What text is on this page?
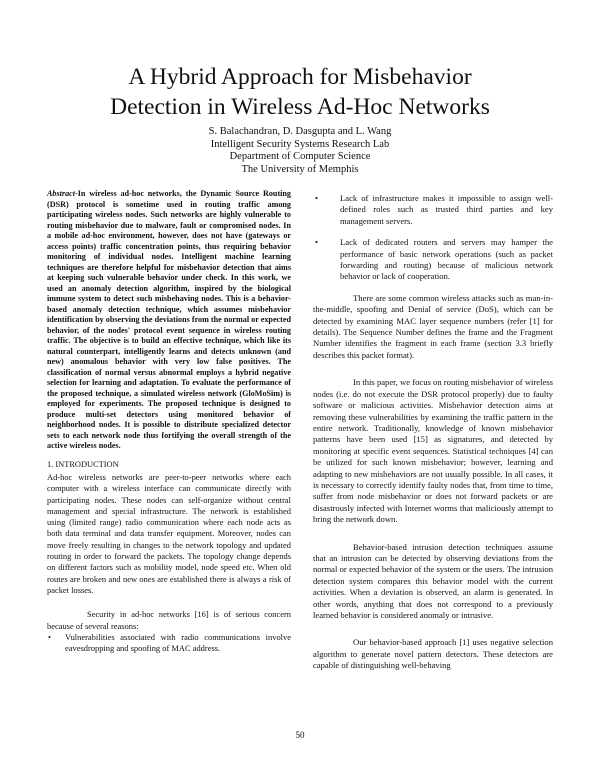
A Hybrid Approach for Misbehavior
Detection in Wireless Ad-Hoc Networks
S. Balachandran, D. Dasgupta and L. Wang
Intelligent Security Systems Research Lab
Department of Computer Science
The University of Memphis

Abstract-In wireless ad-hoc networks, the Dynamic Source Routing (DSR) protocol is sometime used in routing traffic among participating wireless nodes. Such networks are highly vulnerable to routing misbehavior due to malware, fault or compromised nodes. In a mobile ad-hoc environment, however, does not have (gateways or access points) traffic concentration points, thus requiring behavior monitoring of individual nodes. Intelligent machine learning techniques are therefore helpful for misbehavior detection that aims at keeping such vulnerable behavior under check. In this work, we used an anomaly detection algorithm, inspired by the biological immune system to detect such misbehaving nodes. This is a behavior-based anomaly detection technique, which assumes misbehavior identification by observing the deviations from the normal or expected behavior, of the nodes' protocol event sequence in wireless routing traffic. The objective is to build an effective technique, which like its natural counterpart, intelligently learns and detects unknown (and new) anomalous behavior with very low false positives. The classification of normal versus abnormal employs a hybrid negative selection for learning and adaptation. To evaluate the performance of the proposed technique, a simulated wireless network (GloMoSim) is employed for experiments. The proposed technique is designed to produce multi-set detectors using monitored behavior of neighborhood nodes. It is possible to distribute specialized detector sets to each network node thus fortifying the overall strength of the active wireless nodes.

1. INTRODUCTION

Ad-hoc wireless networks are peer-to-peer networks where each computer with a wireless interface can communicate directly with participating nodes. These nodes can self-organize without central management and special infrastructure. The network is established using (limited range) radio communication where each node acts as both data terminal and data transfer equipment. Moreover, nodes can move freely resulting in changes to the network topology and updated routing in order to forward the packets. The topology change depends on different factors such as mobility model, node speed etc. When old routes are broken and new ones are established there is always a risk of packet losses.

Security in ad-hoc networks [16] is of serious concern because of several reasons:

• Vulnerabilities associated with radio communications involve eavesdropping and spoofing of MAC address.
•	Lack of infrastructure makes it impossible to assign well-defined roles such as trusted third parties and key management servers.
•	Lack of dedicated routers and servers may hamper the performance of basic network operations (such as packet forwarding and routing) because of malicious network behavior or lack of cooperation.

There are some common wireless attacks such as man-in-the-middle, spoofing and Denial of service (DoS), which can be detected by examining MAC layer sequence numbers (refer [1] for details). The Sequence Number defines the frame and the Fragment Number identifies the fragment in each frame (section 3.3 briefly describes this packet format).

In this paper, we focus on routing misbehavior of wireless nodes (i.e. do not execute the DSR protocol properly) due to faulty software or malicious activities. Misbehavior detection aims at removing these vulnerabilities by examining the traffic pattern in the entire network. Traditionally, knowledge of known misbehavior patterns have been used [15] as signatures, and detected by monitoring at specific event sequences. Statistical techniques [4] can be utilized for such known misbehavior; however, learning and adapting to new misbehaviors are not usually possible. In all cases, it is necessary to correctly identify faulty nodes that, from time to time, suffer from node misbehavior or does not forward packets or are disastrously infected with Internet worms that maliciously attempt to bring the network down.

Behavior-based intrusion detection techniques assume that an intrusion can be detected by observing deviations from the normal or expected behavior of the system or the users. The intrusion detection system compares this behavior model with the current activities. When a deviation is observed, an alarm is generated. In other words, anything that does not correspond to a previously learned behavior is considered anomaly or intrusive.

Our behavior-based approach [1] uses negative selection algorithm to generate novel pattern detectors. These detectors are capable of distinguishing well-behaving

50
